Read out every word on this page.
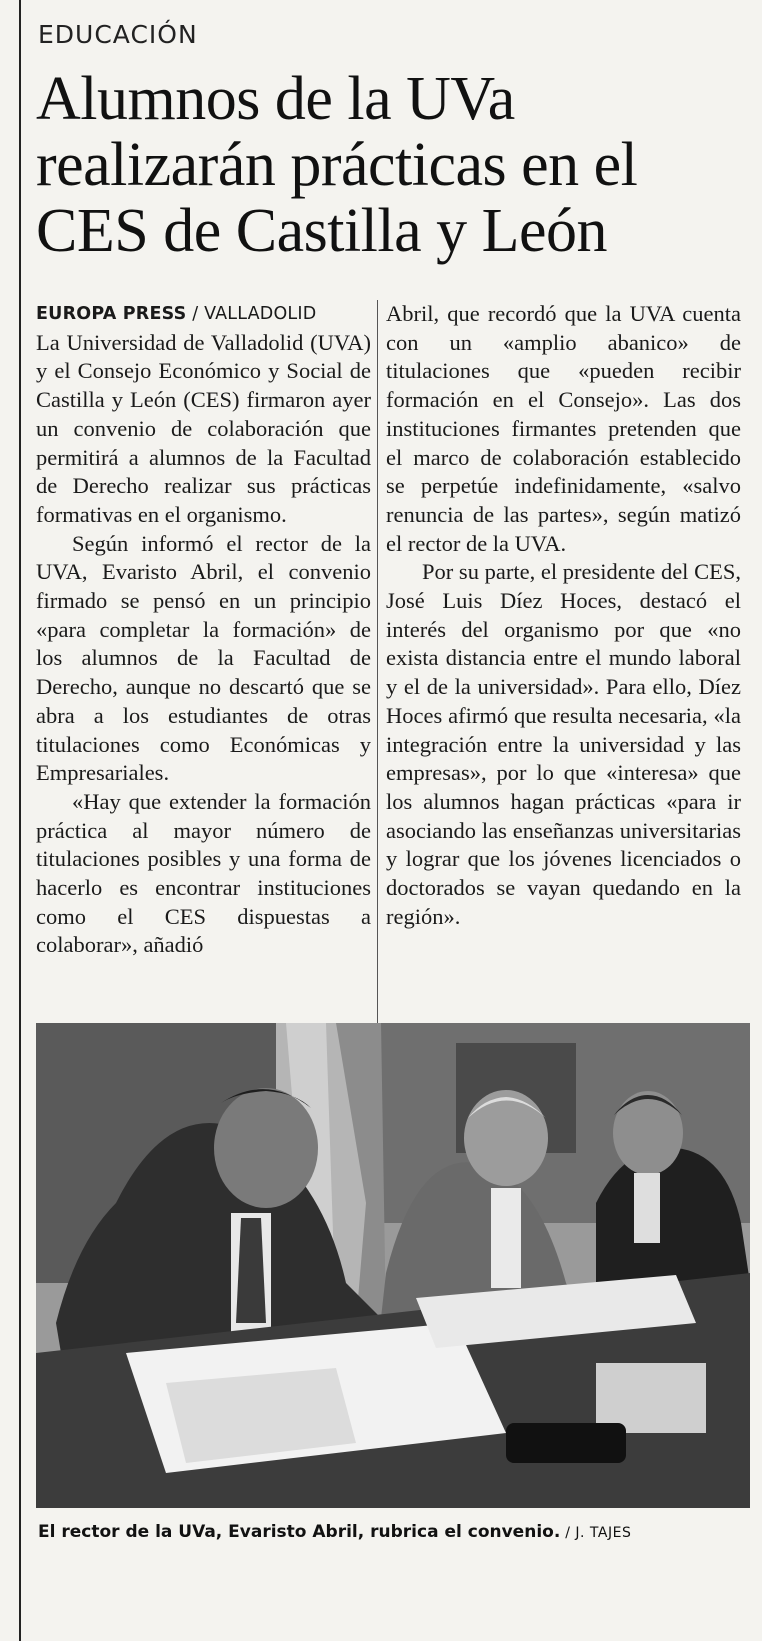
EDUCACIÓN
Alumnos de la UVa realizarán prácticas en el CES de Castilla y León
EUROPA PRESS / VALLADOLID

La Universidad de Valladolid (UVA) y el Consejo Económico y Social de Castilla y León (CES) firmaron ayer un convenio de colaboración que permitirá a alumnos de la Facultad de Derecho realizar sus prácticas formativas en el organismo.

Según informó el rector de la UVA, Evaristo Abril, el convenio firmado se pensó en un principio «para completar la formación» de los alumnos de la Facultad de Derecho, aunque no descartó que se abra a los estudiantes de otras titulaciones como Económicas y Empresariales.

«Hay que extender la formación práctica al mayor número de titulaciones posibles y una forma de hacerlo es encontrar instituciones como el CES dispuestas a colaborar», añadió

Abril, que recordó que la UVA cuenta con un «amplio abanico» de titulaciones que «pueden recibir formación en el Consejo». Las dos instituciones firmantes pretenden que el marco de colaboración establecido se perpetúe indefinidamente, «salvo renuncia de las partes», según matizó el rector de la UVA.

Por su parte, el presidente del CES, José Luis Díez Hoces, destacó el interés del organismo por que «no exista distancia entre el mundo laboral y el de la universidad». Para ello, Díez Hoces afirmó que resulta necesaria, «la integración entre la universidad y las empresas», por lo que «interesa» que los alumnos hagan prácticas «para ir asociando las enseñanzas universitarias y lograr que los jóvenes licenciados o doctorados se vayan quedando en la región».

El rector de la UVa, Evaristo Abril, rubrica el convenio. / J. TAJES
